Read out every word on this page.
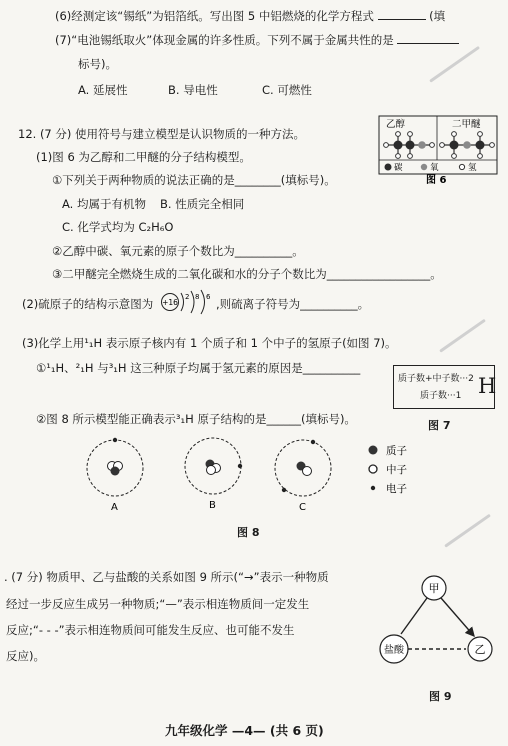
(6)经测定该“锡纸”为铝箔纸。写出图 5 中铝燃烧的化学方程式	(填
(7)“电池锡纸取火”体现金属的许多性质。下列不属于金属共性的是
标号)。
A. 延展性	B. 导电性	C. 可燃性
12. (7 分) 使用符号与建立模型是认识物质的一种方法。
(1)图 6 为乙醇和二甲醚的分子结构模型。
①下列关于两种物质的说法正确的是________(填标号)。
A. 均属于有机物 B. 性质完全相同
C. 化学式均为 C₂H₆O
②乙醇中碳、氧元素的原子个数比为__________。
③二甲醚完全燃烧生成的二氧化碳和水的分子个数比为__________________。
乙醇	二甲醚
碳	氧	氢
图 6
(2)硫原子的结构示意图为 +16
2 8 6 ,则硫离子符号为__________。
(3)化学上用¹₁H 表示原子核内有 1 个质子和 1 个中子的氢原子(如图 7)。
①¹₁H、²₁H 与³₁H 这三种原子均属于氢元素的原因是__________
②图 8 所示模型能正确表示³₁H 原子结构的是______(填标号)。
质子数+中子数···2
质子数···1 H
图 7
A	B	C
质子
中子
电子
图 8
. (7 分) 物质甲、乙与盐酸的关系如图 9 所示(“→”表示一种物质
经过一步反应生成另一种物质;“—”表示相连物质间一定发生
反应;“- - -”表示相连物质间可能发生反应、也可能不发生
反应)。
甲
盐酸	乙
图 9
九年级化学 —4— (共 6 页)
